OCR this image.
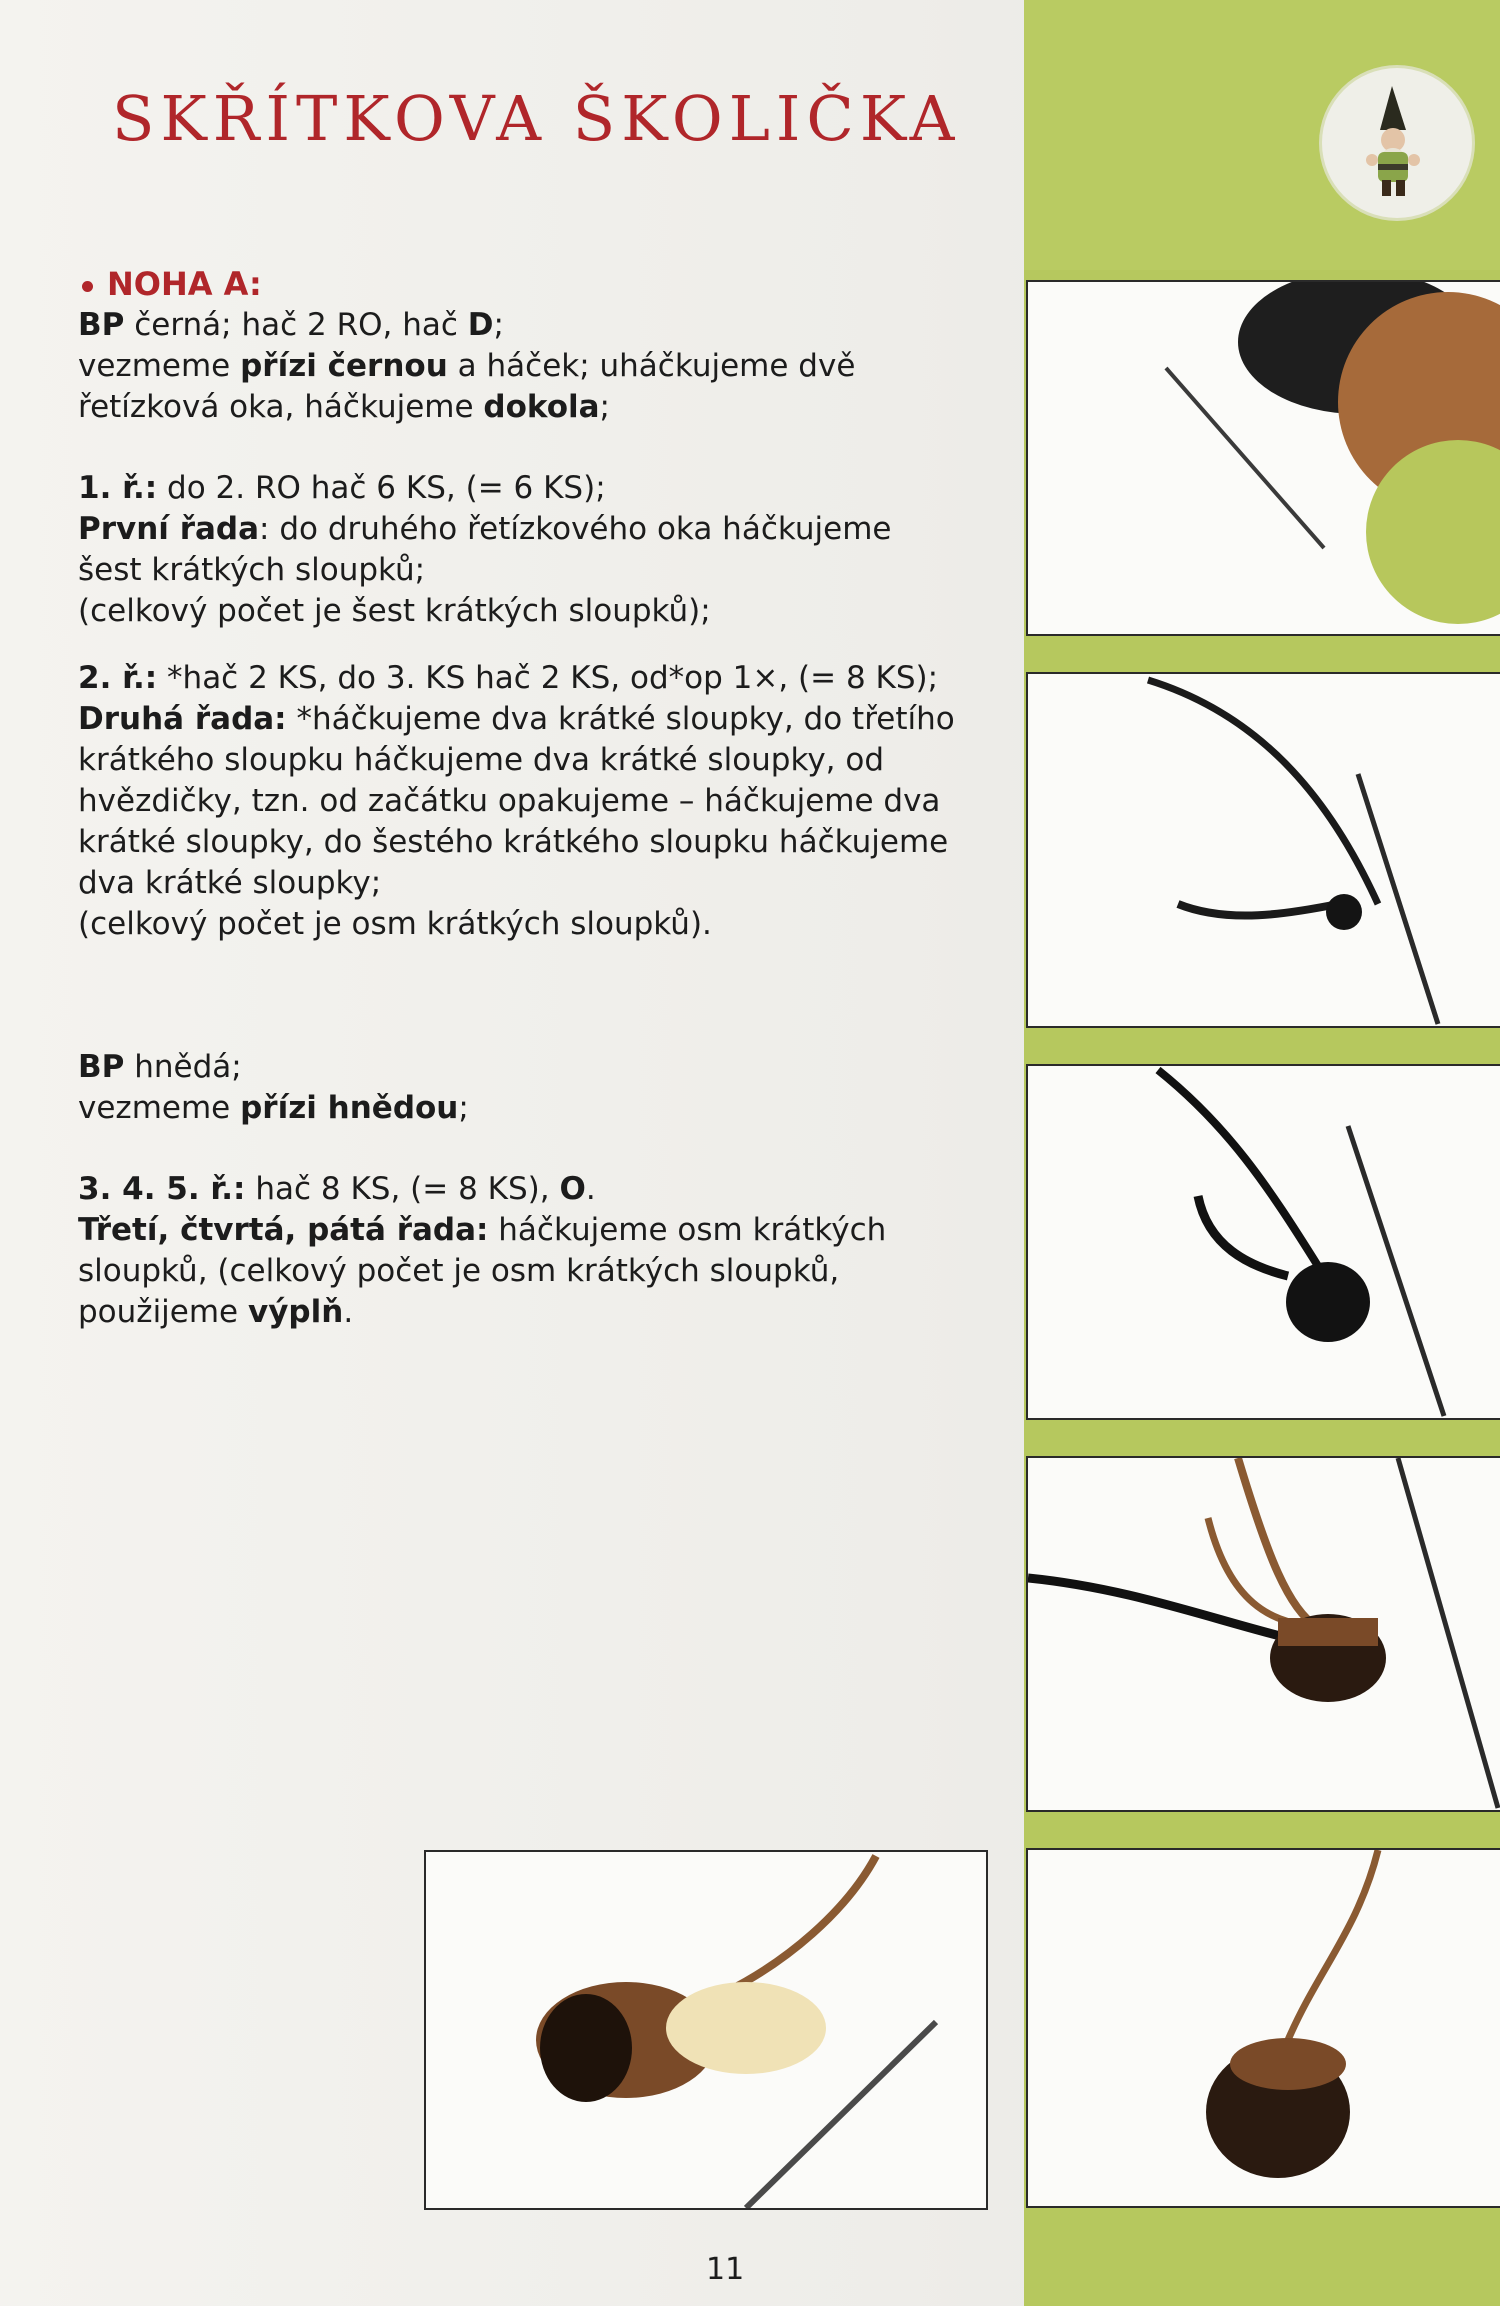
SKŘÍTKOVA ŠKOLIČKA

NOHA A:

BP černá; hač 2 RO, hač D;

vezmeme přízi černou a háček; uháčkujeme dvě

řetízková oka, háčkujeme dokola;

1. ř.: do 2. RO hač 6 KS, (= 6 KS);

První řada: do druhého řetízkového oka háčkujeme

šest krátkých sloupků;

(celkový počet je šest krátkých sloupků);

2. ř.: *hač 2 KS, do 3. KS hač 2 KS, od*op 1×, (= 8 KS);

Druhá řada: *háčkujeme dva krátké sloupky, do třetího

krátkého sloupku háčkujeme dva krátké sloupky, od

hvězdičky, tzn. od začátku opakujeme – háčkujeme dva

krátké sloupky, do šestého krátkého sloupku háčkujeme

dva krátké sloupky;

(celkový počet je osm krátkých sloupků).

BP hnědá;

vezmeme přízi hnědou;

3. 4. 5. ř.: hač 8 KS, (= 8 KS), O.

Třetí, čtvrtá, pátá řada: háčkujeme osm krátkých

sloupků, (celkový počet je osm krátkých sloupků,

použijeme výplň.

11
